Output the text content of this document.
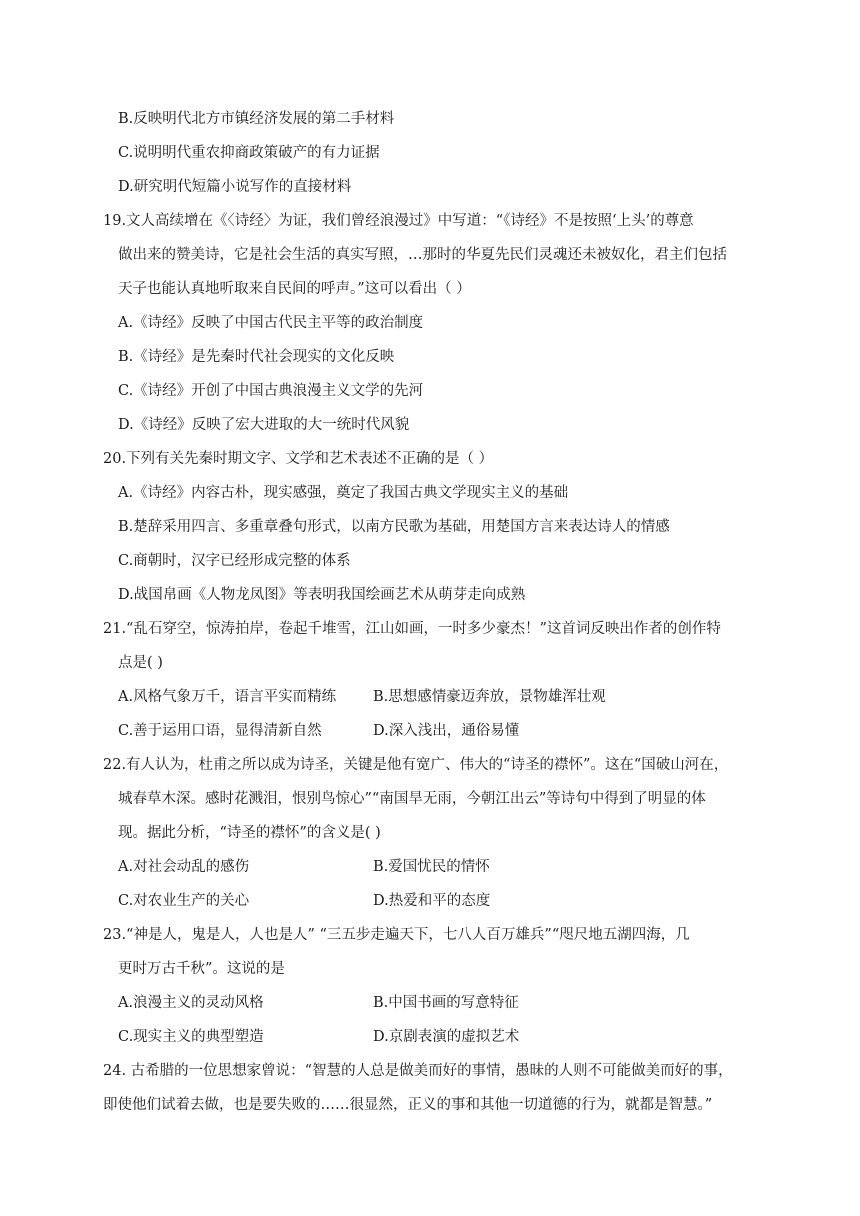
B.反映明代北方市镇经济发展的第二手材料
C.说明明代重农抑商政策破产的有力证据
D.研究明代短篇小说写作的直接材料
19.文人高续增在《〈诗经〉为证，我们曾经浪漫过》中写道：“《诗经》不是按照‘上头’的尊意
做出来的赞美诗，它是社会生活的真实写照，…那时的华夏先民们灵魂还未被奴化，君主们包括
天子也能认真地听取来自民间的呼声。”这可以看出（ ）
A.《诗经》反映了中国古代民主平等的政治制度
B.《诗经》是先秦时代社会现实的文化反映
C.《诗经》开创了中国古典浪漫主义文学的先河
D.《诗经》反映了宏大进取的大一统时代风貌
20.下列有关先秦时期文字、文学和艺术表述不正确的是（ ）
A.《诗经》内容古朴，现实感强，奠定了我国古典文学现实主义的基础
B.楚辞采用四言、多重章叠句形式，以南方民歌为基础，用楚国方言来表达诗人的情感
C.商朝时，汉字已经形成完整的体系
D.战国帛画《人物龙凤图》等表明我国绘画艺术从萌芽走向成熟
21.“乱石穿空，惊涛拍岸，卷起千堆雪，江山如画，一时多少豪杰！”这首词反映出作者的创作特
点是( )
A.风格气象万千，语言平实而精练	B.思想感情豪迈奔放，景物雄浑壮观
C.善于运用口语，显得清新自然	D.深入浅出，通俗易懂
22.有人认为，杜甫之所以成为诗圣，关键是他有宽广、伟大的“诗圣的襟怀”。这在“国破山河在，
城春草木深。感时花溅泪，恨别鸟惊心”“南国旱无雨，今朝江出云”等诗句中得到了明显的体
现。据此分析，“诗圣的襟怀”的含义是( )
A.对社会动乱的感伤	B.爱国忧民的情怀
C.对农业生产的关心	D.热爱和平的态度
23.“神是人，鬼是人，人也是人” “三五步走遍天下，七八人百万雄兵”“咫尺地五湖四海，几
更时万古千秋”。这说的是
A.浪漫主义的灵动风格	B.中国书画的写意特征
C.现实主义的典型塑造	D.京剧表演的虚拟艺术
24. 古希腊的一位思想家曾说：“智慧的人总是做美而好的事情，愚昧的人则不可能做美而好的事，
即使他们试着去做，也是要失败的……很显然，正义的事和其他一切道德的行为，就都是智慧。”
